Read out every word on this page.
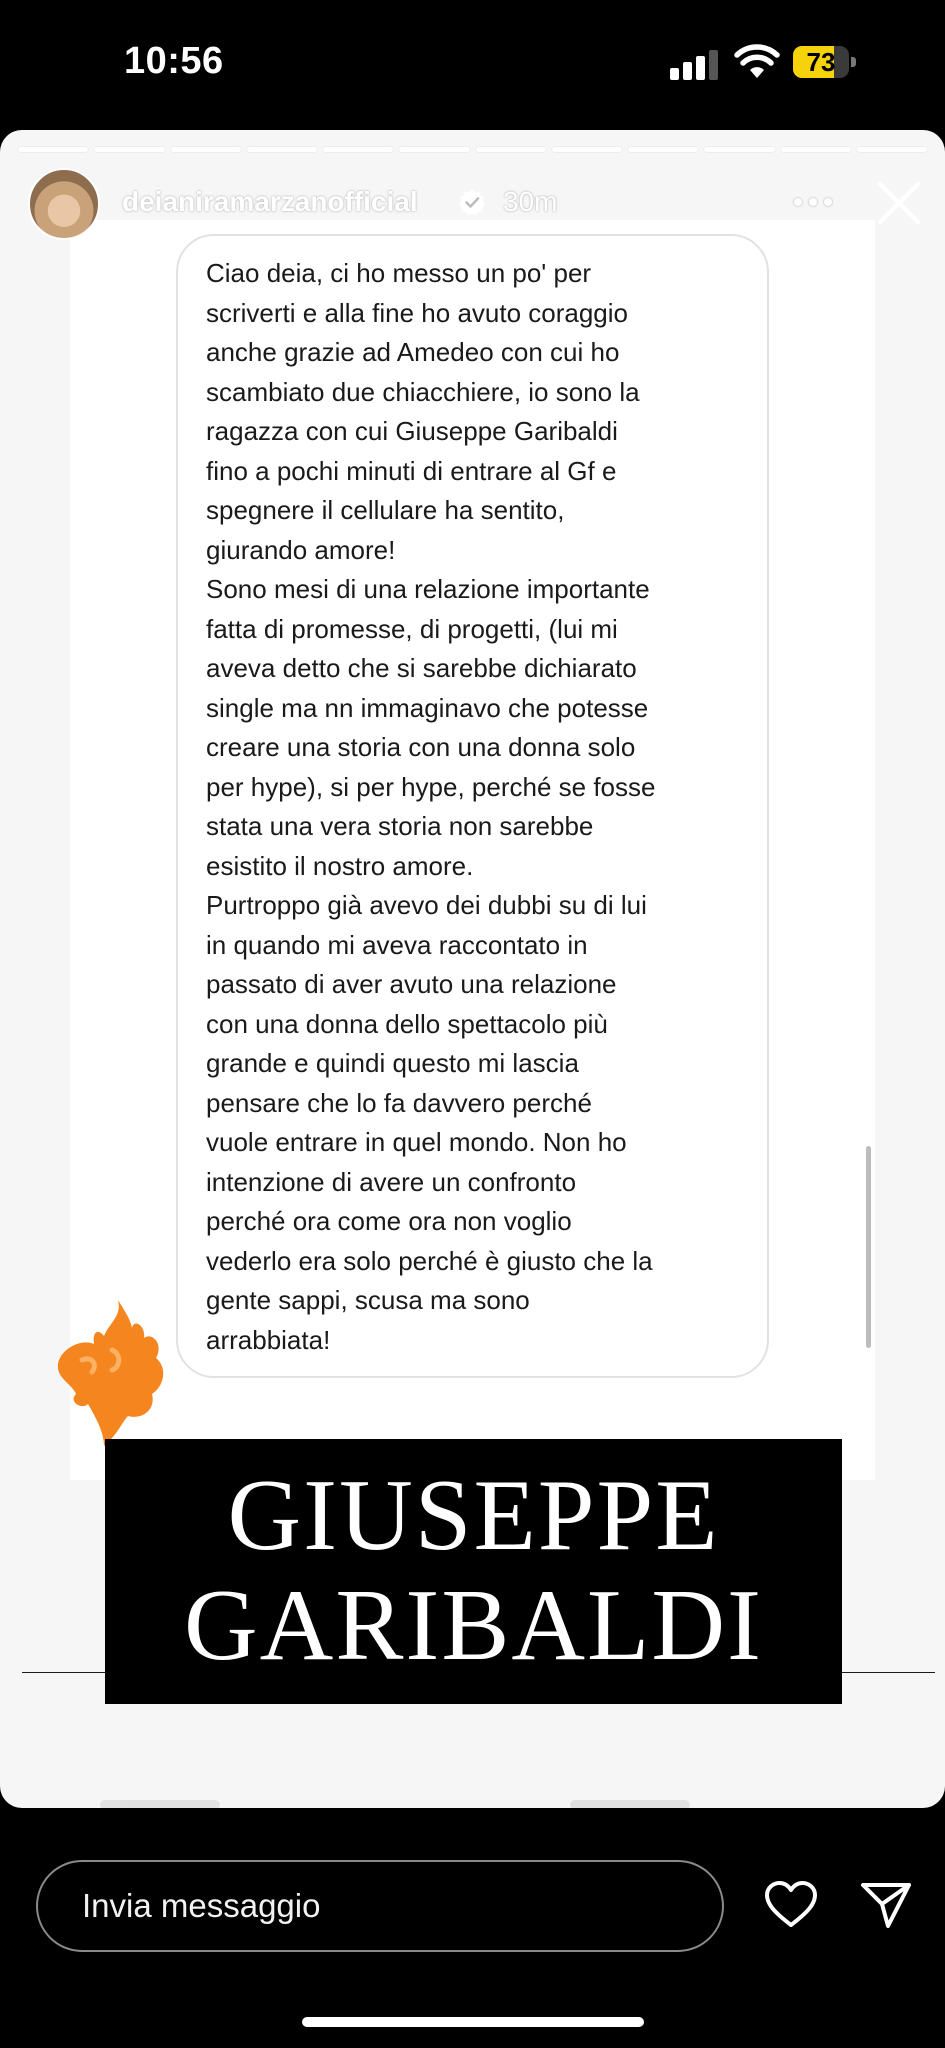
10:56	73
deianiramarzanofficial	30m

Ciao deia, ci ho messo un po' per
scriverti e alla fine ho avuto coraggio
anche grazie ad Amedeo con cui ho
scambiato due chiacchiere, io sono la
ragazza con cui Giuseppe Garibaldi
fino a pochi minuti di entrare al Gf e
spegnere il cellulare ha sentito,
giurando amore!

Sono mesi di una relazione importante
fatta di promesse, di progetti, (lui mi
aveva detto che si sarebbe dichiarato
single ma nn immaginavo che potesse
creare una storia con una donna solo
per hype), si per hype, perché se fosse
stata una vera storia non sarebbe
esistito il nostro amore.

Purtroppo già avevo dei dubbi su di lui
in quando mi aveva raccontato in
passato di aver avuto una relazione
con una donna dello spettacolo più
grande e quindi questo mi lascia
pensare che lo fa davvero perché
vuole entrare in quel mondo. Non ho
intenzione di avere un confronto
perché ora come ora non voglio
vederlo era solo perché è giusto che la
gente sappi, scusa ma sono
arrabbiata!

GIUSEPPE
GARIBALDI
Invia messaggio
